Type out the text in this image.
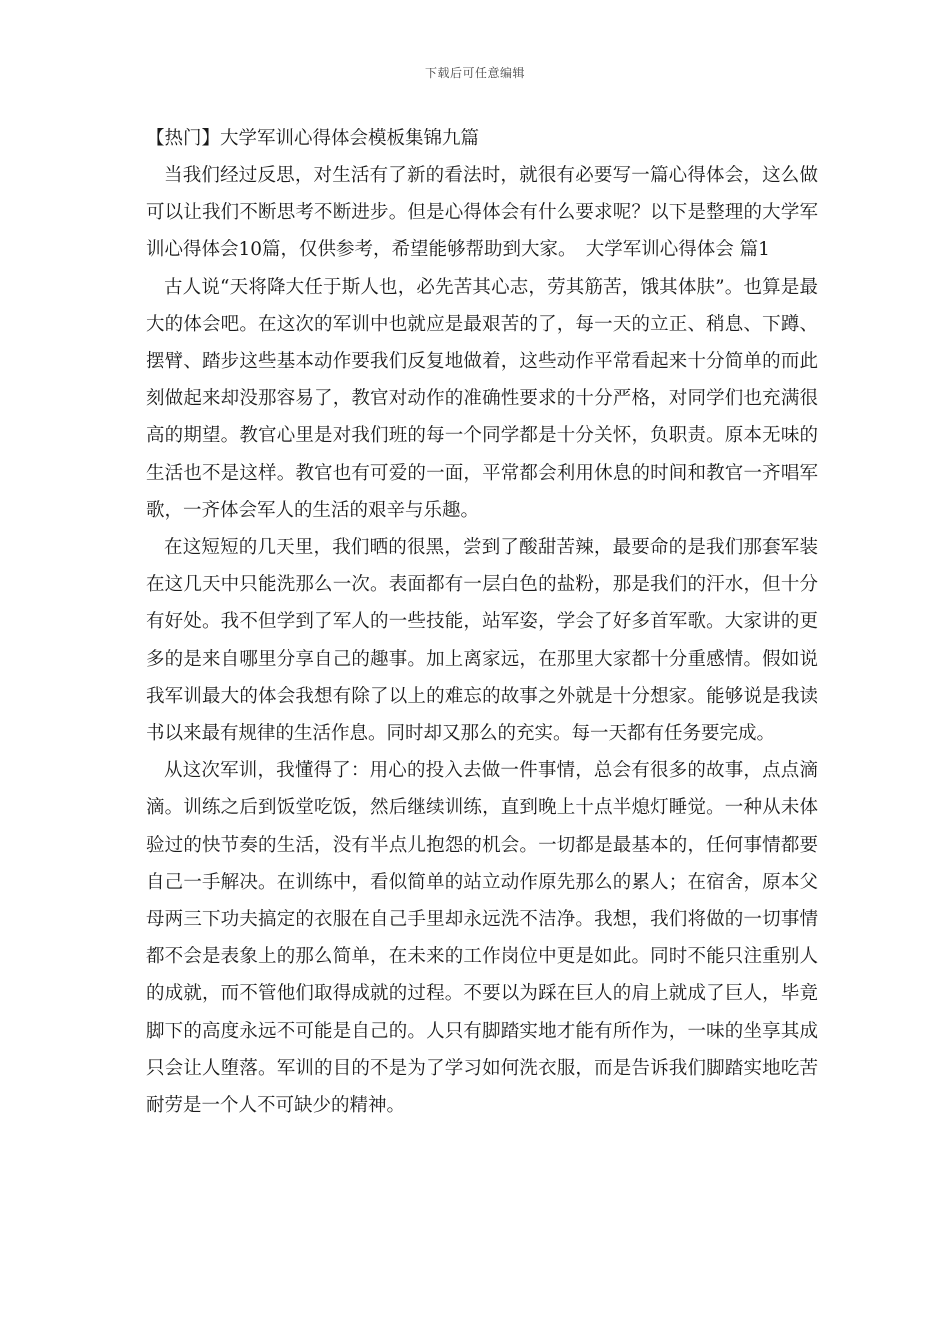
下载后可任意编辑

【热门】大学军训心得体会模板集锦九篇

当我们经过反思，对生活有了新的看法时，就很有必要写一篇心得体会，这么做可以让我们不断思考不断进步。但是心得体会有什么要求呢？以下是整理的大学军训心得体会10篇，仅供参考，希望能够帮助到大家。　大学军训心得体会 篇1

古人说“天将降大任于斯人也，必先苦其心志，劳其筋苦，饿其体肤”。也算是最大的体会吧。在这次的军训中也就应是最艰苦的了，每一天的立正、稍息、下蹲、摆臂、踏步这些基本动作要我们反复地做着，这些动作平常看起来十分简单的而此刻做起来却没那容易了，教官对动作的准确性要求的十分严格，对同学们也充满很高的期望。教官心里是对我们班的每一个同学都是十分关怀，负职责。原本无味的生活也不是这样。教官也有可爱的一面，平常都会利用休息的时间和教官一齐唱军歌，一齐体会军人的生活的艰辛与乐趣。

在这短短的几天里，我们晒的很黑，尝到了酸甜苦辣，最要命的是我们那套军装在这几天中只能洗那么一次。表面都有一层白色的盐粉，那是我们的汗水，但十分有好处。我不但学到了军人的一些技能，站军姿，学会了好多首军歌。大家讲的更多的是来自哪里分享自己的趣事。加上离家远，在那里大家都十分重感情。假如说我军训最大的体会我想有除了以上的难忘的故事之外就是十分想家。能够说是我读书以来最有规律的生活作息。同时却又那么的充实。每一天都有任务要完成。

从这次军训，我懂得了：用心的投入去做一件事情，总会有很多的故事，点点滴滴。训练之后到饭堂吃饭，然后继续训练，直到晚上十点半熄灯睡觉。一种从未体验过的快节奏的生活，没有半点儿抱怨的机会。一切都是最基本的，任何事情都要自己一手解决。在训练中，看似简单的站立动作原先那么的累人；在宿舍，原本父母两三下功夫搞定的衣服在自己手里却永远洗不洁净。我想，我们将做的一切事情都不会是表象上的那么简单，在未来的工作岗位中更是如此。同时不能只注重别人的成就，而不管他们取得成就的过程。不要以为踩在巨人的肩上就成了巨人，毕竟脚下的高度永远不可能是自己的。人只有脚踏实地才能有所作为，一味的坐享其成只会让人堕落。军训的目的不是为了学习如何洗衣服，而是告诉我们脚踏实地吃苦耐劳是一个人不可缺少的精神。
